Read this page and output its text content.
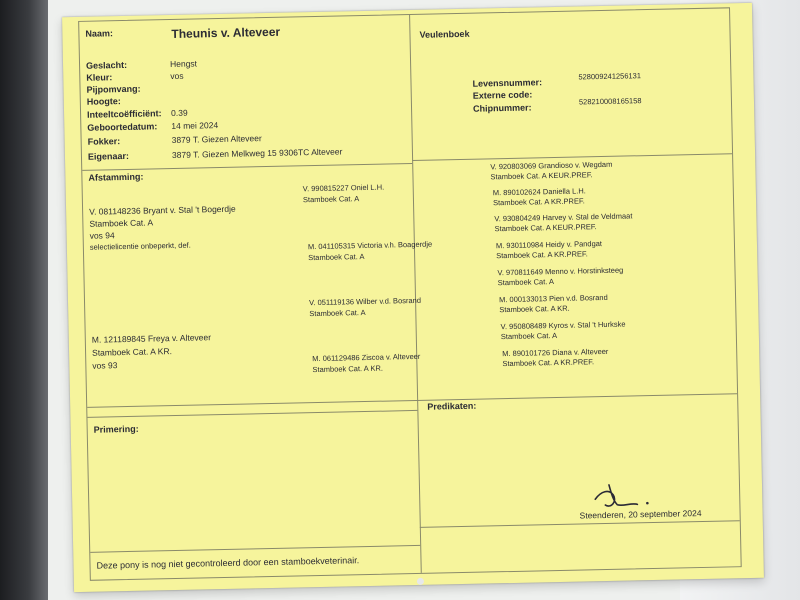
Naam:	Theunis v. Alteveer	Veulenboek
Geslacht:	Hengst
Kleur:	vos
Pijpomvang:
Hoogte:
Inteeltcoëfficiënt: 0.39
Geboortedatum: 14 mei 2024
Fokker:	3879 T. Giezen Alteveer
Eigenaar:	3879 T. Giezen Melkweg 15 9306TC Alteveer
Levensnummer:
528009241256131
Externe code:
Chipnummer:
528210008165158
Afstamming:
V. 081148236 Bryant v. Stal 't Bogerdje
Stamboek Cat. A
vos 94
selectielicentie onbeperkt, def.
M. 121189845 Freya v. Alteveer
Stamboek Cat. A KR.
vos 93
V. 990815227 Oniel L.H.
Stamboek Cat. A
M. 041105315 Victoria v.h. Boagerdje
Stamboek Cat. A
V. 051119136 Wilber v.d. Bosrand
Stamboek Cat. A
M. 061129486 Ziscoa v. Alteveer
Stamboek Cat. A KR.
V. 920803069 Grandioso v. Wegdam
Stamboek Cat. A KEUR.PREF.
M. 890102624 Daniella L.H.
Stamboek Cat. A KR.PREF.
V. 930804249 Harvey v. Stal de Veldmaat
Stamboek Cat. A KEUR.PREF.
M. 930110984 Heidy v. Pandgat
Stamboek Cat. A KR.PREF.
V. 970811649 Menno v. Horstinksteeg
Stamboek Cat. A
M. 000133013 Pien v.d. Bosrand
Stamboek Cat. A KR.
V. 950808489 Kyros v. Stal 't Hurkske
Stamboek Cat. A
M. 890101726 Diana v. Alteveer
Stamboek Cat. A KR.PREF.
Primering:
Predikaten:
Steenderen, 20 september 2024
Deze pony is nog niet gecontroleerd door een stamboekveterinair.
